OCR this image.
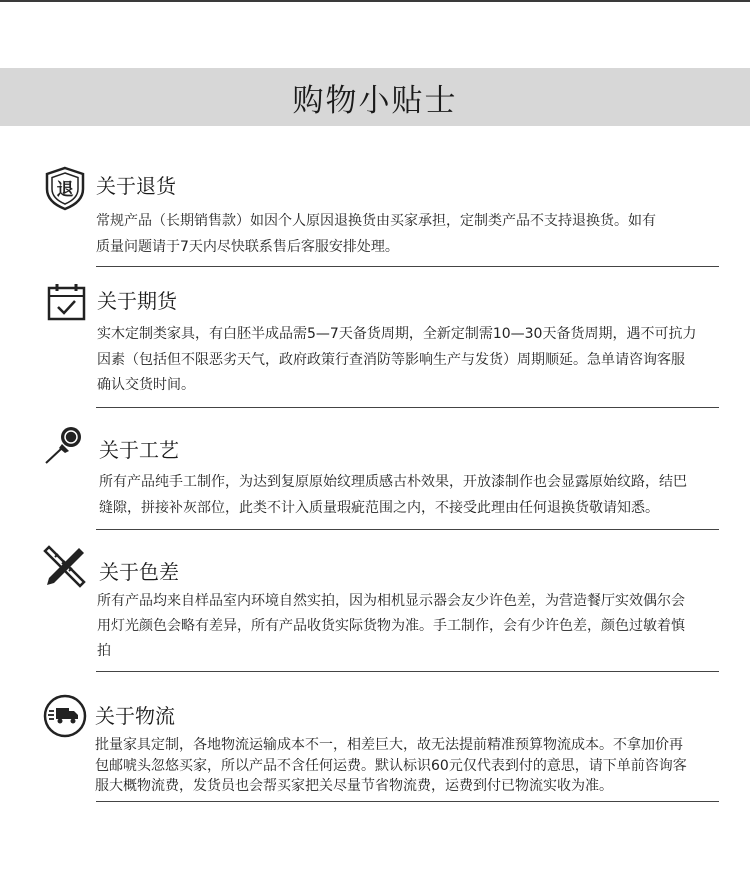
购物小贴士
退 关于退货
常规产品（长期销售款）如因个人原因退换货由买家承担，定制类产品不支持退换货。如有
质量问题请于7天内尽快联系售后客服安排处理。
关于期货
实木定制类家具，有白胚半成品需5—7天备货周期，全新定制需10—30天备货周期，遇不可抗力
因素（包括但不限恶劣天气，政府政策行查消防等影响生产与发货）周期顺延。急单请咨询客服
确认交货时间。
关于工艺
所有产品纯手工制作，为达到复原原始纹理质感古朴效果，开放漆制作也会显露原始纹路，结巴
缝隙，拼接补灰部位，此类不计入质量瑕疵范围之内，不接受此理由任何退换货敬请知悉。
关于色差
所有产品均来自样品室内环境自然实拍，因为相机显示器会友少许色差，为营造餐厅实效偶尔会
用灯光颜色会略有差异，所有产品收货实际货物为准。手工制作，会有少许色差，颜色过敏着慎
拍
关于物流
批量家具定制，各地物流运输成本不一，相差巨大，故无法提前精准预算物流成本。不拿加价再
包邮唬头忽悠买家，所以产品不含任何运费。默认标识60元仅代表到付的意思，请下单前咨询客
服大概物流费，发货员也会帮买家把关尽量节省物流费，运费到付已物流实收为准。
